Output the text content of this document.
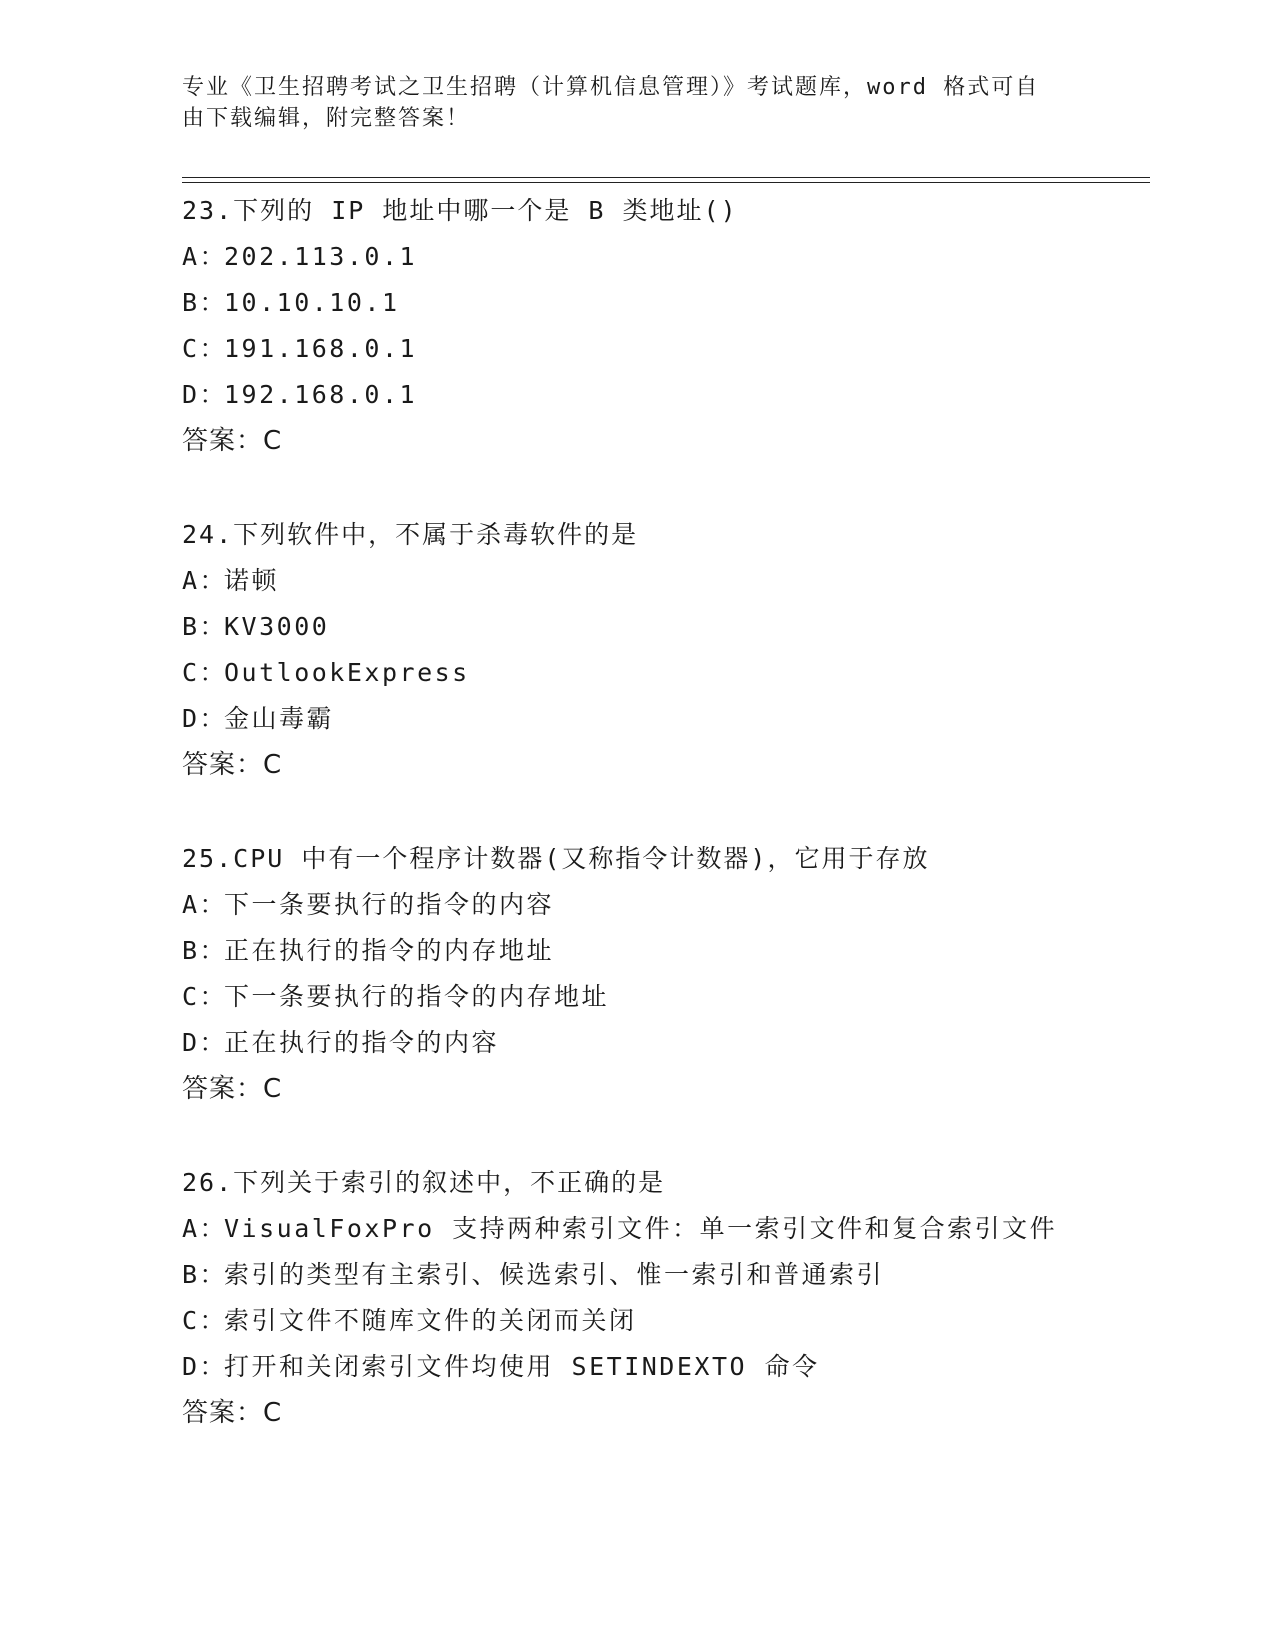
专业《卫生招聘考试之卫生招聘（计算机信息管理）》考试题库，word 格式可自
由下载编辑，附完整答案！
23.下列的 IP 地址中哪一个是 B 类地址()
A：202.113.0.1
B：10.10.10.1
C：191.168.0.1
D：192.168.0.1
答案：C
24.下列软件中，不属于杀毒软件的是
A：诺顿
B：KV3000
C：OutlookExpress
D：金山毒霸
答案：C
25.CPU 中有一个程序计数器(又称指令计数器)，它用于存放
A：下一条要执行的指令的内容
B：正在执行的指令的内存地址
C：下一条要执行的指令的内存地址
D：正在执行的指令的内容
答案：C
26.下列关于索引的叙述中，不正确的是
A：VisualFoxPro 支持两种索引文件：单一索引文件和复合索引文件
B：索引的类型有主索引、候选索引、惟一索引和普通索引
C：索引文件不随库文件的关闭而关闭
D：打开和关闭索引文件均使用 SETINDEXTO 命令
答案：C
